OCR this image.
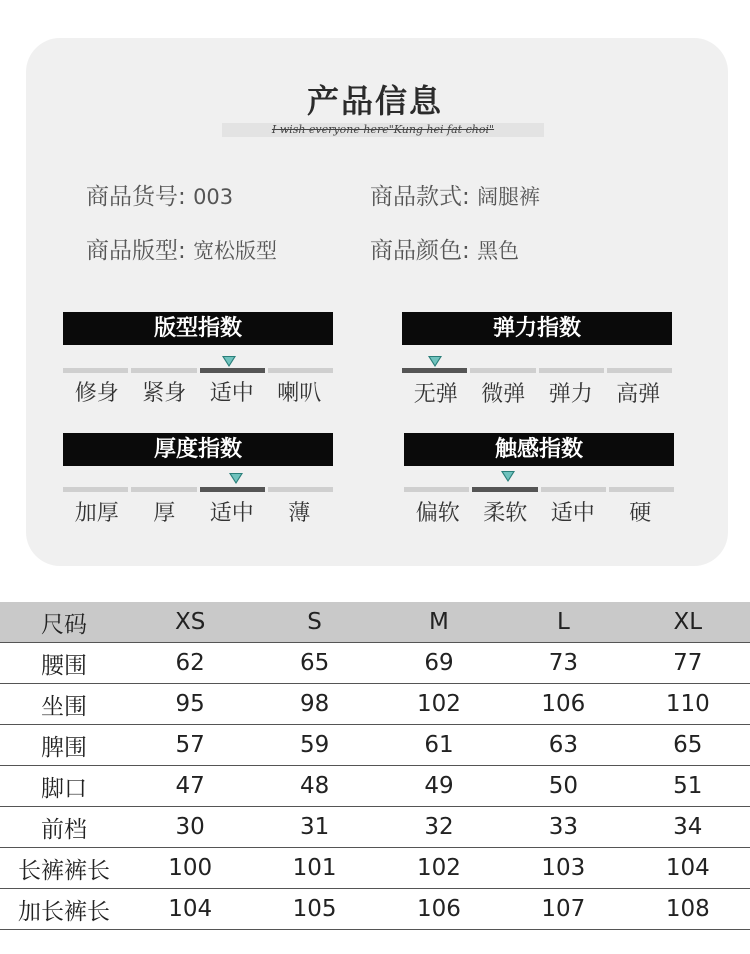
产品信息
I wish everyone here"Kung hei fat choi"
商品货号: 003	商品款式: 阔腿裤
商品版型: 宽松版型	商品颜色: 黑色
版型指数
修身	紧身	适中	喇叭
弹力指数
无弹	微弹	弹力	高弹
厚度指数
加厚	厚	适中	薄
触感指数
偏软	柔软	适中	硬
尺码	XS	S	M	L	XL
腰围	62	65	69	73	77
坐围	95	98	102	106	110
脾围	57	59	61	63	65
脚口	47	48	49	50	51
前档	30	31	32	33	34
长裤裤长	100	101	102	103	104
加长裤长	104	105	106	107	108
